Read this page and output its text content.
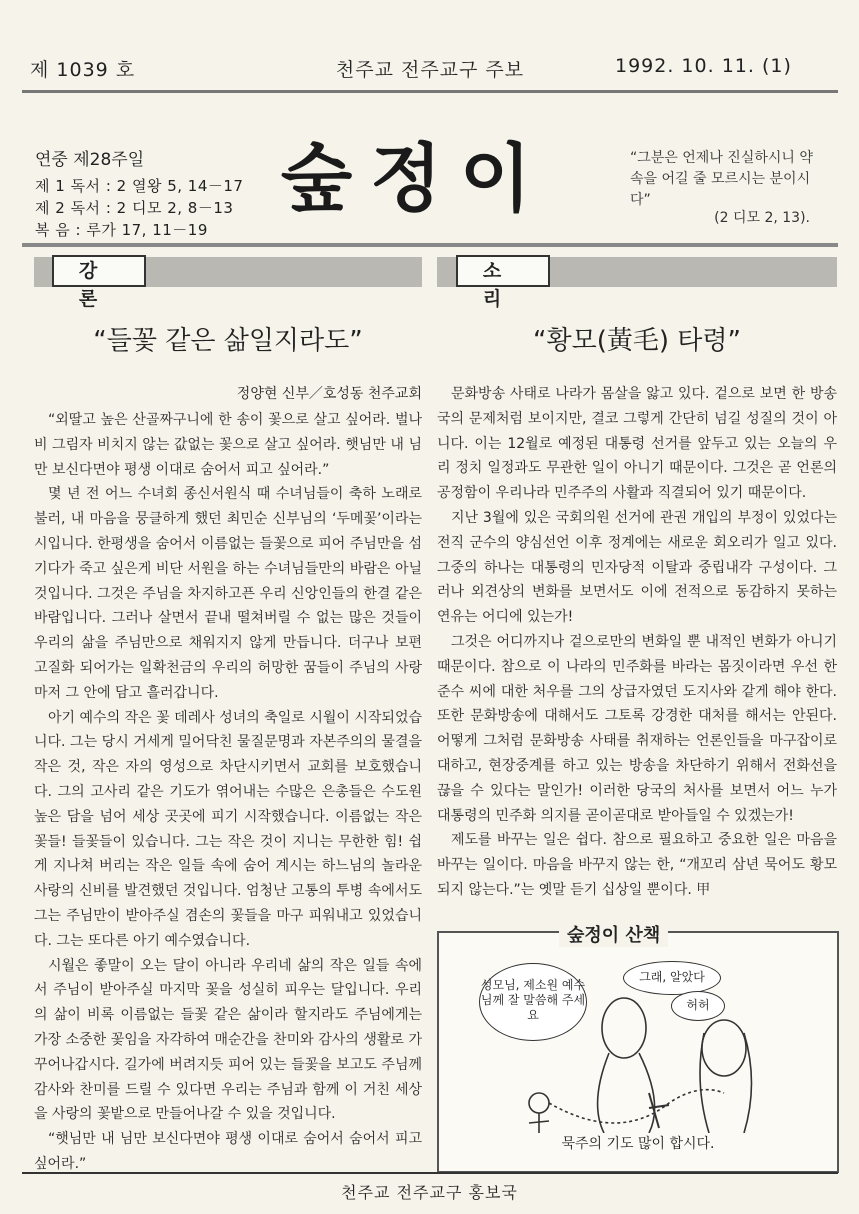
제 1039 호	천주교 전주교구 주보	1992. 10. 11. (1)
숲정이
연중 제28주일
제 1 독서 : 2 열왕 5, 14－17
제 2 독서 : 2 디모 2, 8－13
복 음 : 루가 17, 11－19
“그분은 언제나 진실하시니 약속을 어길 줄 모르시는 분이시다”
(2 디모 2, 13).
강 론
소 리
“들꽃 같은 삶일지라도”	“황모(黃毛) 타령”
정양현 신부／호성동 천주교회

“외딸고 높은 산골짜구니에 한 송이 꽃으로 살고 싶어라. 벌나비 그림자 비치지 않는 값없는 꽃으로 살고 싶어라. 햇님만 내 님만 보신다면야 평생 이대로 숨어서 피고 싶어라.”

몇 년 전 어느 수녀회 종신서원식 때 수녀님들이 축하 노래로 불러, 내 마음을 뭉클하게 했던 최민순 신부님의 ‘두메꽃’이라는 시입니다. 한평생을 숨어서 이름없는 들꽃으로 피어 주님만을 섬기다가 죽고 싶은게 비단 서원을 하는 수녀님들만의 바람은 아닐 것입니다. 그것은 주님을 차지하고픈 우리 신앙인들의 한결 같은 바람입니다. 그러나 살면서 끝내 떨쳐버릴 수 없는 많은 것들이 우리의 삶을 주님만으로 채워지지 않게 만듭니다. 더구나 보편 고질화 되어가는 일확천금의 우리의 허망한 꿈들이 주님의 사랑마저 그 안에 담고 흘러갑니다.

아기 예수의 작은 꽃 데레사 성녀의 축일로 시월이 시작되었습니다. 그는 당시 거세게 밀어닥친 물질문명과 자본주의의 물결을 작은 것, 작은 자의 영성으로 차단시키면서 교회를 보호했습니다. 그의 고사리 같은 기도가 엮어내는 수많은 은총들은 수도원 높은 담을 넘어 세상 곳곳에 피기 시작했습니다. 이름없는 작은 꽃들! 들꽃들이 있습니다. 그는 작은 것이 지니는 무한한 힘! 쉽게 지나쳐 버리는 작은 일들 속에 숨어 계시는 하느님의 놀라운 사랑의 신비를 발견했던 것입니다. 엄청난 고통의 투병 속에서도 그는 주님만이 받아주실 겸손의 꽃들을 마구 피워내고 있었습니다. 그는 또다른 아기 예수였습니다.

시월은 좋말이 오는 달이 아니라 우리네 삶의 작은 일들 속에서 주님이 받아주실 마지막 꽃을 성실히 피우는 달입니다. 우리의 삶이 비록 이름없는 들꽃 같은 삶이라 할지라도 주님에게는 가장 소중한 꽃임을 자각하여 매순간을 찬미와 감사의 생활로 가꾸어나갑시다. 길가에 버려지듯 피어 있는 들꽃을 보고도 주님께 감사와 찬미를 드릴 수 있다면 우리는 주님과 함께 이 거친 세상을 사랑의 꽃밭으로 만들어나갈 수 있을 것입니다.

“햇님만 내 님만 보신다면야 평생 이대로 숨어서 숨어서 피고 싶어라.”

문화방송 사태로 나라가 몸살을 앓고 있다. 겉으로 보면 한 방송국의 문제처럼 보이지만, 결코 그렇게 간단히 넘길 성질의 것이 아니다. 이는 12월로 예정된 대통령 선거를 앞두고 있는 오늘의 우리 정치 일정과도 무관한 일이 아니기 때문이다. 그것은 곧 언론의 공정함이 우리나라 민주주의 사활과 직결되어 있기 때문이다.

지난 3월에 있은 국회의원 선거에 관권 개입의 부정이 있었다는 전직 군수의 양심선언 이후 정계에는 새로운 회오리가 일고 있다. 그중의 하나는 대통령의 민자당적 이탈과 중립내각 구성이다. 그러나 외견상의 변화를 보면서도 이에 전적으로 동감하지 못하는 연유는 어디에 있는가!

그것은 어디까지나 겉으로만의 변화일 뿐 내적인 변화가 아니기 때문이다. 참으로 이 나라의 민주화를 바라는 몸짓이라면 우선 한준수 씨에 대한 처우를 그의 상급자였던 도지사와 같게 해야 한다. 또한 문화방송에 대해서도 그토록 강경한 대처를 해서는 안된다. 어떻게 그처럼 문화방송 사태를 취재하는 언론인들을 마구잡이로 대하고, 현장중계를 하고 있는 방송을 차단하기 위해서 전화선을 끊을 수 있다는 말인가! 이러한 당국의 처사를 보면서 어느 누가 대통령의 민주화 의지를 곧이곧대로 받아들일 수 있겠는가!

제도를 바꾸는 일은 쉽다. 참으로 필요하고 중요한 일은 마음을 바꾸는 일이다. 마음을 바꾸지 않는 한, “개꼬리 삼년 묵어도 황모되지 않는다.”는 옛말 듣기 십상일 뿐이다. 甲

숲정이 산책
성모님, 제소원 예수님께 잘 말씀해 주세요
그래, 알았다
허허
묵주의 기도 많이 합시다.
천주교 전주교구 홍보국
